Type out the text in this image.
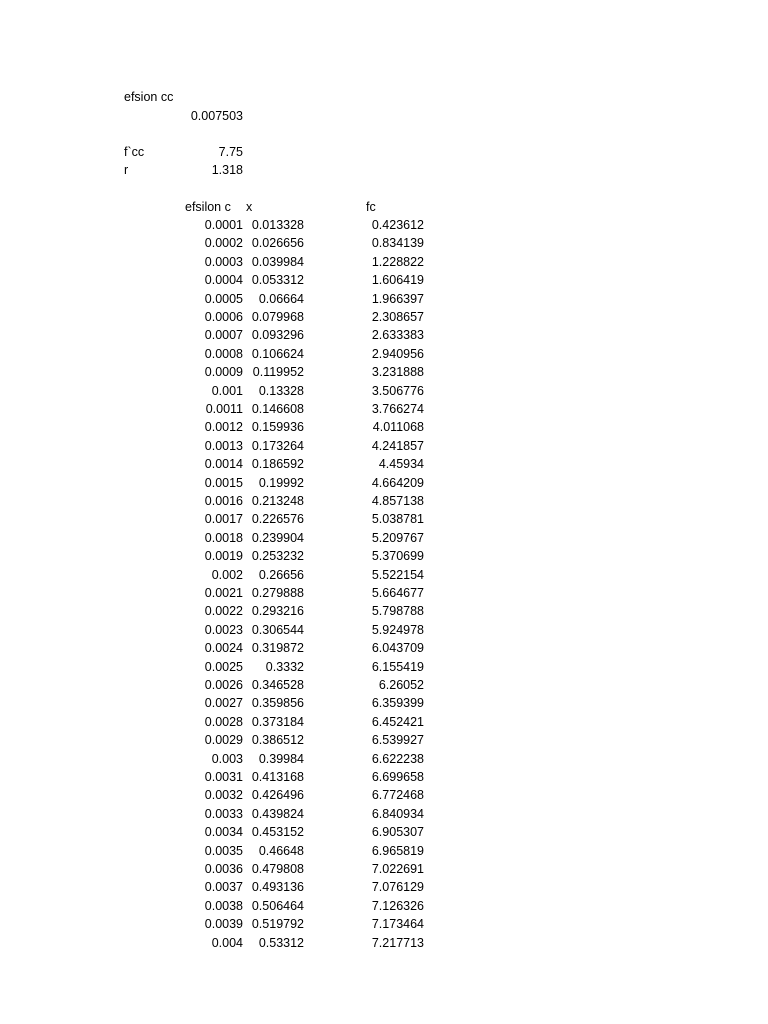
efsion cc
0.007503
f`cc	7.75
r	1.318
efsilon c x	fc
0.0001 0.013328	0.423612
0.0002 0.026656	0.834139
0.0003 0.039984	1.228822
0.0004 0.053312	1.606419
0.0005 0.06664	1.966397
0.0006 0.079968	2.308657
0.0007 0.093296	2.633383
0.0008 0.106624	2.940956
0.0009 0.119952	3.231888
0.001 0.13328	3.506776
0.0011 0.146608	3.766274
0.0012 0.159936	4.011068
0.0013 0.173264	4.241857
0.0014 0.186592	4.45934
0.0015 0.19992	4.664209
0.0016 0.213248	4.857138
0.0017 0.226576	5.038781
0.0018 0.239904	5.209767
0.0019 0.253232	5.370699
0.002 0.26656	5.522154
0.0021 0.279888	5.664677
0.0022 0.293216	5.798788
0.0023 0.306544	5.924978
0.0024 0.319872	6.043709
0.0025 0.3332	6.155419
0.0026 0.346528	6.26052
0.0027 0.359856	6.359399
0.0028 0.373184	6.452421
0.0029 0.386512	6.539927
0.003 0.39984	6.622238
0.0031 0.413168	6.699658
0.0032 0.426496	6.772468
0.0033 0.439824	6.840934
0.0034 0.453152	6.905307
0.0035 0.46648	6.965819
0.0036 0.479808	7.022691
0.0037 0.493136	7.076129
0.0038 0.506464	7.126326
0.0039 0.519792	7.173464
0.004 0.53312	7.217713
